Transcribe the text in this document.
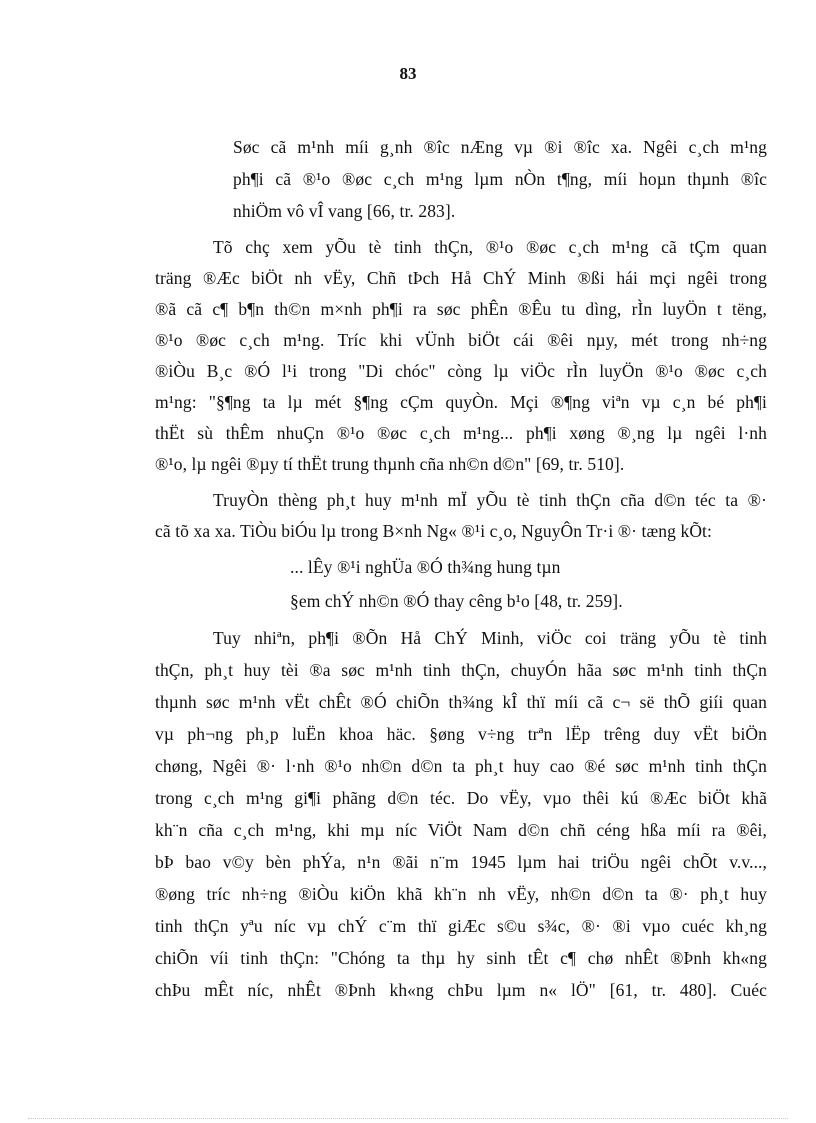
83
Søc cã m¹nh míi g¸nh ®îc nÆng vµ ®i ®îc xa. Ngêi c¸ch m¹ng
ph¶i cã ®¹o ®øc c¸ch m¹ng lµm nÒn t¶ng, míi hoµn thµnh ®îc
nhiÖm vô vÎ vang [66, tr. 283].
Tõ chç xem yÕu tè tinh thÇn, ®¹o ®øc c¸ch m¹ng cã tÇm quan
träng ®Æc biÖt nh vËy, Chñ tÞch Hå ChÝ Minh ®ßi hái mçi ngêi trong
®ã cã c¶ b¶n th©n m×nh ph¶i ra søc phÊn ®Êu tu dìng, rÌn luyÖn t tëng,
®¹o ®øc c¸ch m¹ng. Tríc khi vÜnh biÖt cái ®êi nµy, mét trong nh÷ng
®iÒu B¸c ®Ó l¹i trong "Di chóc" còng lµ viÖc rÌn luyÖn ®¹o ®øc c¸ch
m¹ng: "§¶ng ta lµ mét §¶ng cÇm quyÒn. Mçi ®¶ng viªn vµ c¸n bé ph¶i
thËt sù thÊm nhuÇn ®¹o ®øc c¸ch m¹ng... ph¶i xøng ®¸ng lµ ngêi l·nh
®¹o, lµ ngêi ®µy tí thËt trung thµnh cña nh©n d©n" [69, tr. 510].
TruyÒn thèng ph¸t huy m¹nh mÏ yÕu tè tinh thÇn cña d©n téc ta ®·
cã tõ xa xa. TiÒu biÓu lµ trong B×nh Ng« ®¹i c¸o, NguyÔn Tr·i ®· tæng kÕt:
... lÊy ®¹i nghÜa ®Ó th¾ng hung tµn
§em chÝ nh©n ®Ó thay cêng b¹o [48, tr. 259].
Tuy nhiªn, ph¶i ®Õn Hå ChÝ Minh, viÖc coi träng yÕu tè tinh
thÇn, ph¸t huy tèi ®a søc m¹nh tinh thÇn, chuyÓn hãa søc m¹nh tinh thÇn
thµnh søc m¹nh vËt chÊt ®Ó chiÕn th¾ng kÎ thï míi cã c¬ së thÕ giíi quan
vµ ph¬ng ph¸p luËn khoa häc. §øng v÷ng trªn lËp trêng duy vËt biÖn
chøng, Ngêi ®· l·nh ®¹o nh©n d©n ta ph¸t huy cao ®é søc m¹nh tinh thÇn
trong c¸ch m¹ng gi¶i phãng d©n téc. Do vËy, vµo thêi kú ®Æc biÖt khã
kh¨n cña c¸ch m¹ng, khi mµ níc ViÖt Nam d©n chñ céng hßa míi ra ®êi,
bÞ bao v©y bèn phÝa, n¹n ®ãi n¨m 1945 lµm hai triÖu ngêi chÕt v.v...,
®øng tríc nh÷ng ®iÒu kiÖn khã kh¨n nh vËy, nh©n d©n ta ®· ph¸t huy
tinh thÇn yªu níc vµ chÝ c¨m thï giÆc s©u s¾c, ®· ®i vµo cuéc kh¸ng
chiÕn víi tinh thÇn: "Chóng ta thµ hy sinh tÊt c¶ chø nhÊt ®Þnh kh«ng
chÞu mÊt níc, nhÊt ®Þnh kh«ng chÞu lµm n« lÖ" [61, tr. 480]. Cuéc
